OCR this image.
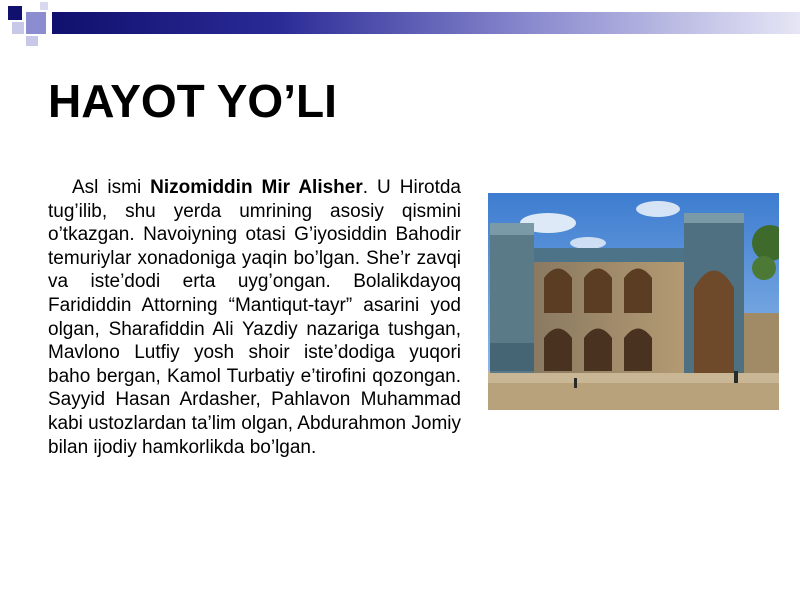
HAYOT YO’LI

Asl ismi Nizomiddin Mir Alisher. U Hirotda tug’ilib, shu yerda umrining asosiy qismini o’tkazgan. Navoiyning otasi G’iyosiddin Bahodir temuriylar xonadoniga yaqin bo’lgan. She’r zavqi va iste’dodi erta uyg’ongan. Bolalikdayoq Farididdin Attorning “Mantiqut-tayr” asarini yod olgan, Sharafiddin Ali Yazdiy nazariga tushgan, Mavlono Lutfiy yosh shoir iste’dodiga yuqori baho bergan, Kamol Turbatiy e’tirofini qozongan. Sayyid Hasan Ardasher, Pahlavon Muhammad kabi ustozlardan ta’lim olgan, Abdurahmon Jomiy bilan ijodiy hamkorlikda bo’lgan.
